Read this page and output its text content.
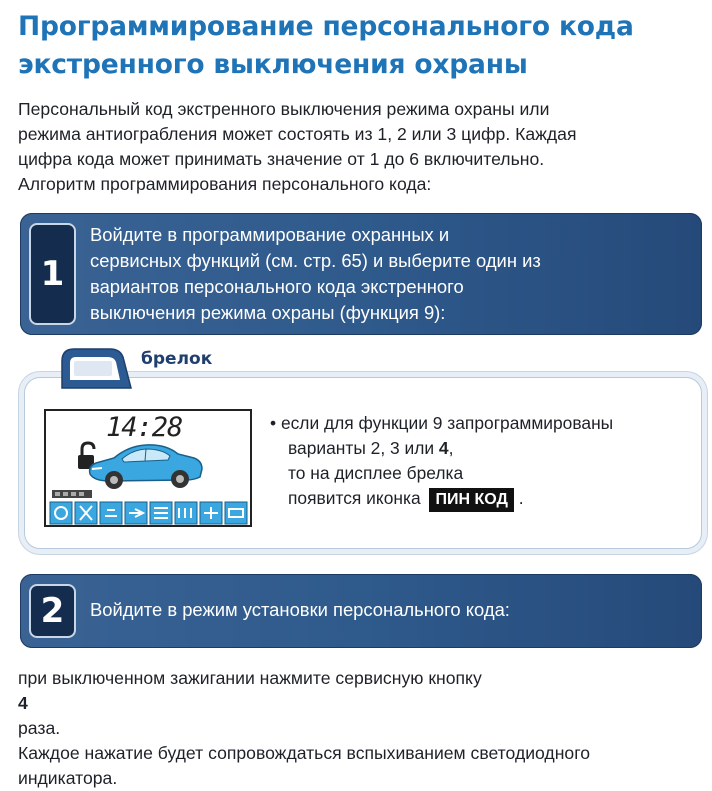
Программирование персонального кода
экстренного выключения охраны
Персональный код экстренного выключения режима охраны или
режима антиограбления может состоять из 1, 2 или 3 цифр. Каждая
цифра кода может принимать значение от 1 до 6 включительно.
Алгоритм программирования персонального кода:
1
Войдите в программирование охранных и
сервисных функций (см. стр. 65) и выберите один из
вариантов персонального кода экстренного
выключения режима охраны (функция 9):
брелок
14:28	• если для функции 9 запрограммированы
варианты 2, 3 или 4,
то на дисплее брелка
появится иконка ПИН КОД .
2	Войдите в режим установки персонального кода:
при выключенном зажигании нажмите сервисную кнопку
4
раза.
Каждое нажатие будет сопровождаться вспыхиванием светодиодного
индикатора.
